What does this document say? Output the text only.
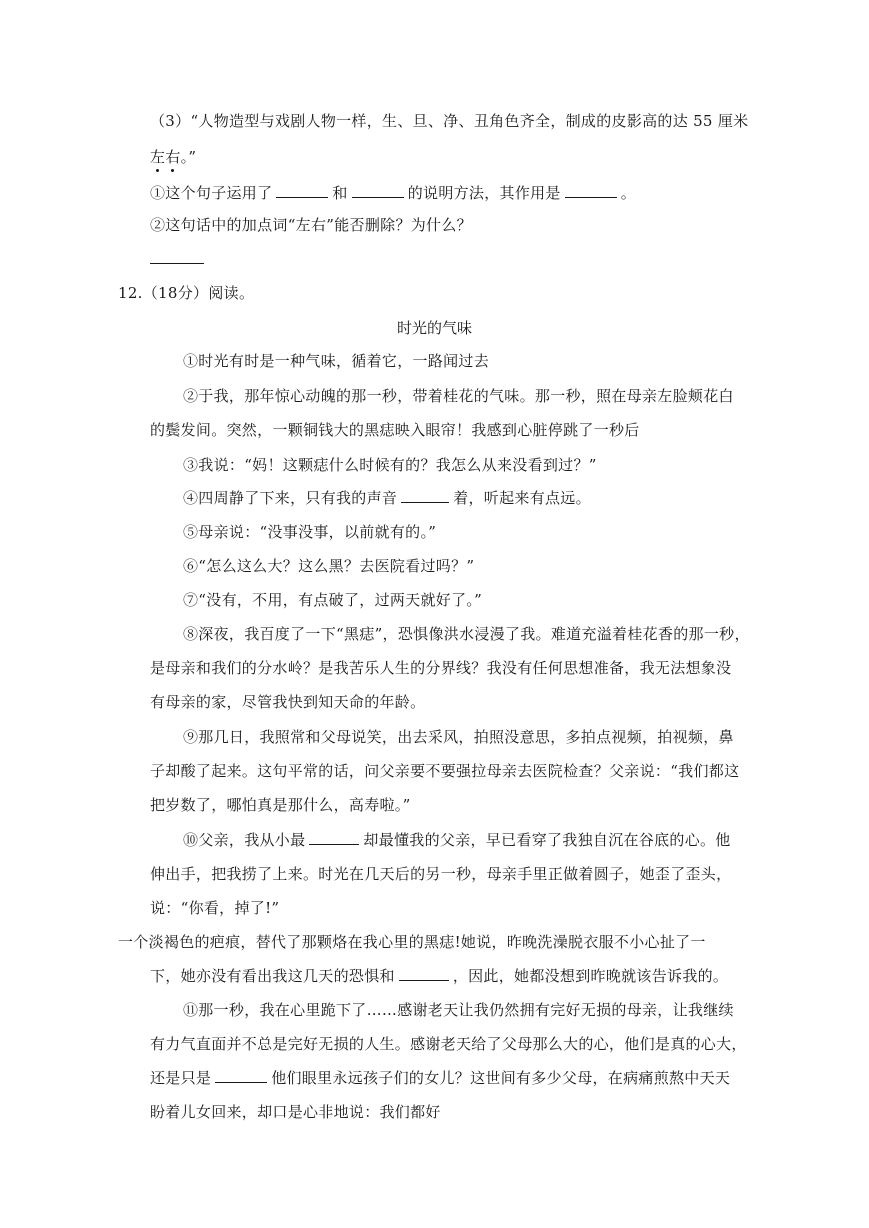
（3）“人物造型与戏剧人物一样，生、旦、净、丑角色齐全，制成的皮影高的达 55 厘米
左右。”
①这个句子运用了	和	的说明方法，其作用是	。
②这句话中的加点词“左右”能否删除？为什么？
12.（18分）阅读。
时光的气味
①时光有时是一种气味，循着它，一路闻过去
②于我，那年惊心动魄的那一秒，带着桂花的气味。那一秒，照在母亲左脸颊花白
的鬓发间。突然，一颗铜钱大的黑痣映入眼帘！我感到心脏停跳了一秒后
③我说：“妈！这颗痣什么时候有的？我怎么从来没看到过？”
④四周静了下来，只有我的声音	着，听起来有点远。
⑤母亲说：“没事没事，以前就有的。”
⑥“怎么这么大？这么黑？去医院看过吗？”
⑦“没有，不用，有点破了，过两天就好了。”
⑧深夜，我百度了一下“黑痣”，恐惧像洪水浸漫了我。难道充溢着桂花香的那一秒，
是母亲和我们的分水岭？是我苦乐人生的分界线？我没有任何思想准备，我无法想象没
有母亲的家，尽管我快到知天命的年龄。
⑨那几日，我照常和父母说笑，出去采风，拍照没意思，多拍点视频，拍视频，鼻
子却酸了起来。这句平常的话，问父亲要不要强拉母亲去医院检查？父亲说：“我们都这
把岁数了，哪怕真是那什么，高寿啦。”
⑩父亲，我从小最	却最懂我的父亲，早已看穿了我独自沉在谷底的心。他
伸出手，把我捞了上来。时光在几天后的另一秒，母亲手里正做着圆子，她歪了歪头，
说：“你看，掉了!”
一个淡褐色的疤痕，替代了那颗烙在我心里的黑痣!她说，昨晚洗澡脱衣服不小心扯了一
下，她亦没有看出我这几天的恐惧和	，因此，她都没想到昨晚就该告诉我的。
⑪那一秒，我在心里跪下了……感谢老天让我仍然拥有完好无损的母亲，让我继续
有力气直面并不总是完好无损的人生。感谢老天给了父母那么大的心，他们是真的心大，
还是只是	他们眼里永远孩子们的女儿？这世间有多少父母，在病痛煎熬中天天
盼着儿女回来，却口是心非地说：我们都好
